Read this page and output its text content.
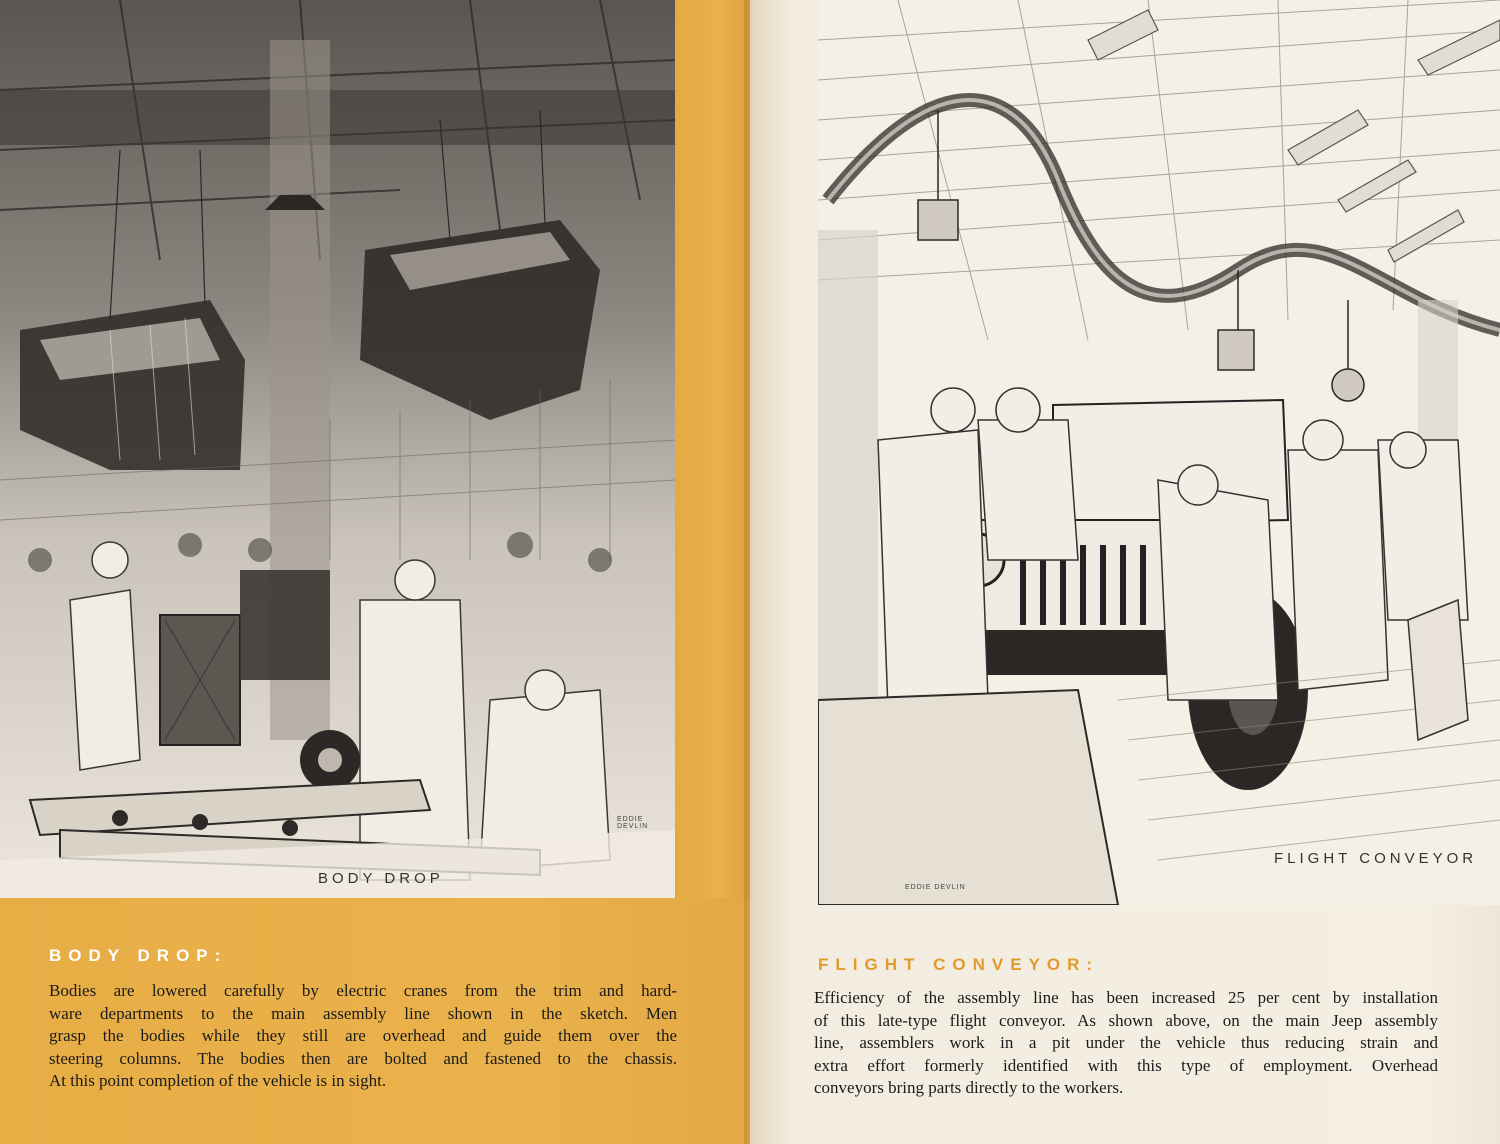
BODY DROP
EDDIE DEVLIN
BODY DROP:
Bodies are lowered carefully by electric cranes from the trim and hard-
ware departments to the main assembly line shown in the sketch. Men
grasp the bodies while they still are overhead and guide them over the
steering columns. The bodies then are bolted and fastened to the chassis.
At this point completion of the vehicle is in sight.
FLIGHT CONVEYOR
EDDIE DEVLIN
FLIGHT CONVEYOR:
Efficiency of the assembly line has been increased 25 per cent by installation
of this late-type flight conveyor. As shown above, on the main Jeep assembly
line, assemblers work in a pit under the vehicle thus reducing strain and
extra effort formerly identified with this type of employment. Overhead
conveyors bring parts directly to the workers.
